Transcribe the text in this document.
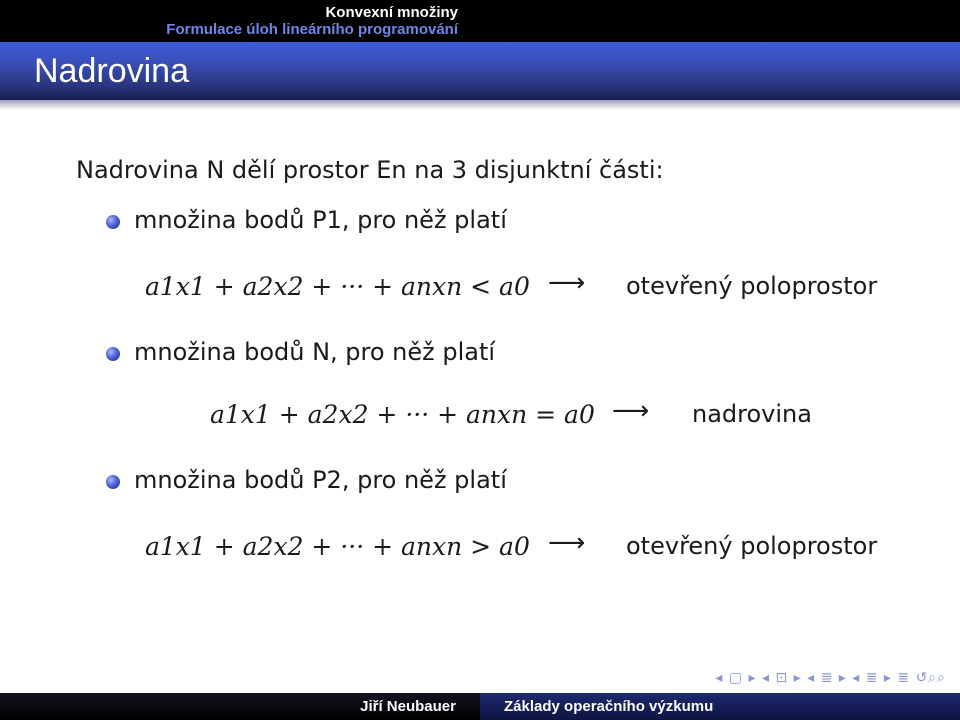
Konvexní množiny
Formulace úloh lineárního programování
Nadrovina
Nadrovina N dělí prostor En na 3 disjunktní části:
množina bodů P1, pro něž platí
a1x1 + a2x2 + ··· + anxn < a0 ⟶ otevřený poloprostor
množina bodů N, pro něž platí
a1x1 + a2x2 + ··· + anxn = a0 ⟶ nadrovina
množina bodů P2, pro něž platí
a1x1 + a2x2 + ··· + anxn > a0 ⟶ otevřený poloprostor
◂ ▢ ▸ ◂ ⊡ ▸ ◂ ≣ ▸ ◂ ≣ ▸ ≣ ↺⌕⌕
Jiří Neubauer	Základy operačního výzkumu
